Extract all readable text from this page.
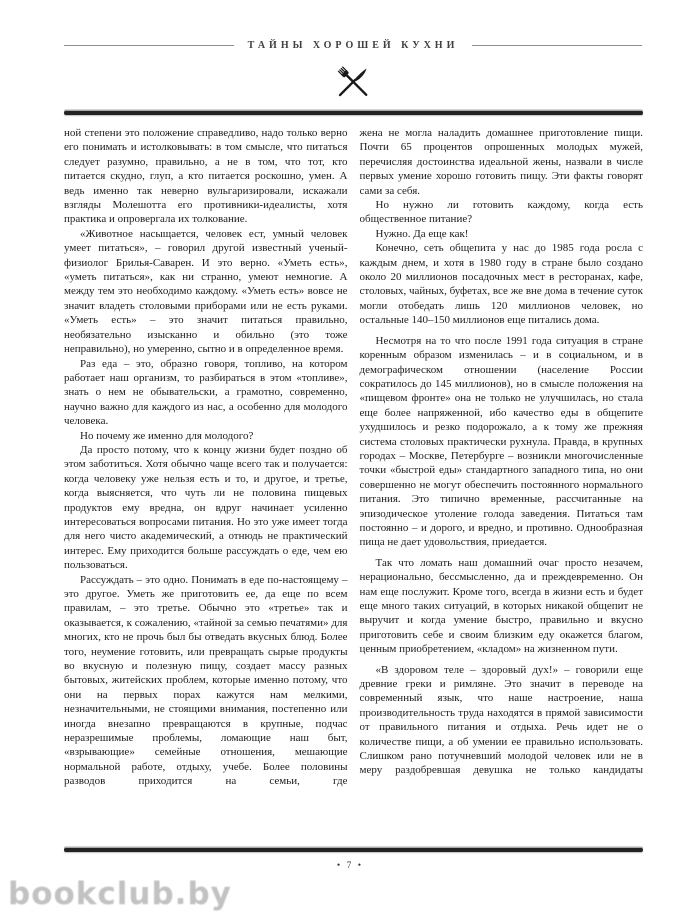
ТАЙНЫ ХОРОШЕЙ КУХНИ

ной степени это положение справедливо, надо только верно его понимать и истолковывать: в том смысле, что питаться следует разумно, правильно, а не в том, что тот, кто питается скудно, глуп, а кто питается роскошно, умен. А ведь именно так неверно вульгаризировали, искажали взгляды Молешотта его противники-идеалисты, хотя практика и опровергала их толкование.

«Животное насыщается, человек ест, умный человек умеет питаться», – говорил другой известный ученый-физиолог Брилья-Саварен. И это верно. «Уметь есть», «уметь питаться», как ни странно, умеют немногие. А между тем это необходимо каждому. «Уметь есть» вовсе не значит владеть столовыми приборами или не есть руками. «Уметь есть» – это значит питаться правильно, необязательно изысканно и обильно (это тоже неправильно), но умеренно, сытно и в определенное время.

Раз еда – это, образно говоря, топливо, на котором работает наш организм, то разбираться в этом «топливе», знать о нем не обывательски, а грамотно, современно, научно важно для каждого из нас, а особенно для молодого человека.

Но почему же именно для молодого?

Да просто потому, что к концу жизни будет поздно об этом заботиться. Хотя обычно чаще всего так и получается: когда человеку уже нельзя есть и то, и другое, и третье, когда выясняется, что чуть ли не половина пищевых продуктов ему вредна, он вдруг начинает усиленно интересоваться вопросами питания. Но это уже имеет тогда для него чисто академический, а отнюдь не практический интерес. Ему приходится больше рассуждать о еде, чем ею пользоваться.

Рассуждать – это одно. Понимать в еде по-настоящему – это другое. Уметь же приготовить ее, да еще по всем правилам, – это третье. Обычно это «третье» так и оказывается, к сожалению, «тайной за семью печатями» для многих, кто не прочь был бы отведать вкусных блюд. Более того, неумение готовить, или превращать сырые продукты во вкусную и полезную пищу, создает массу разных бытовых, житейских проблем, которые именно потому, что они на первых порах кажутся нам мелкими, незначительными, не стоящими внимания, постепенно или иногда внезапно превращаются в крупные, подчас неразрешимые проблемы, ломающие наш быт, «взрывающие» семейные отношения, мешающие нормальной работе, отдыху, учебе. Более половины разводов приходится на семьи, где

жена не могла наладить домашнее приготовление пищи. Почти 65 процентов опрошенных молодых мужей, перечисляя достоинства идеальной жены, назвали в числе первых умение хорошо готовить пищу. Эти факты говорят сами за себя.

Но нужно ли готовить каждому, когда есть общественное питание?

Нужно. Да еще как!

Конечно, сеть общепита у нас до 1985 года росла с каждым днем, и хотя в 1980 году в стране было создано около 20 миллионов посадочных мест в ресторанах, кафе, столовых, чайных, буфетах, все же вне дома в течение суток могли отобедать лишь 120 миллионов человек, но остальные 140–150 миллионов еще питались дома.

Несмотря на то что после 1991 года ситуация в стране коренным образом изменилась – и в социальном, и в демографическом отношении (население России сократилось до 145 миллионов), но в смысле положения на «пищевом фронте» она не только не улучшилась, но стала еще более напряженной, ибо качество еды в общепите ухудшилось и резко подорожало, а к тому же прежняя система столовых практически рухнула. Правда, в крупных городах – Москве, Петербурге – возникли многочисленные точки «быстрой еды» стандартного западного типа, но они совершенно не могут обеспечить постоянного нормального питания. Это типично временные, рассчитанные на эпизодическое утоление голода заведения. Питаться там постоянно – и дорого, и вредно, и противно. Однообразная пища не дает удовольствия, приедается.

Так что ломать наш домашний очаг просто незачем, нерационально, бессмысленно, да и преждевременно. Он нам еще послужит. Кроме того, всегда в жизни есть и будет еще много таких ситуаций, в которых никакой общепит не выручит и когда умение быстро, правильно и вкусно приготовить себе и своим близким еду окажется благом, ценным приобретением, «кладом» на жизненном пути.

«В здоровом теле – здоровый дух!» – говорили еще древние греки и римляне. Это значит в переводе на современный язык, что наше настроение, наша производительность труда находятся в прямой зависимости от правильного питания и отдыха. Речь идет не о количестве пищи, а об умении ее правильно использовать. Слишком рано потучневший молодой человек или не в меру раздобревшая девушка не только кандидаты

• 7 •
bookclub.by
